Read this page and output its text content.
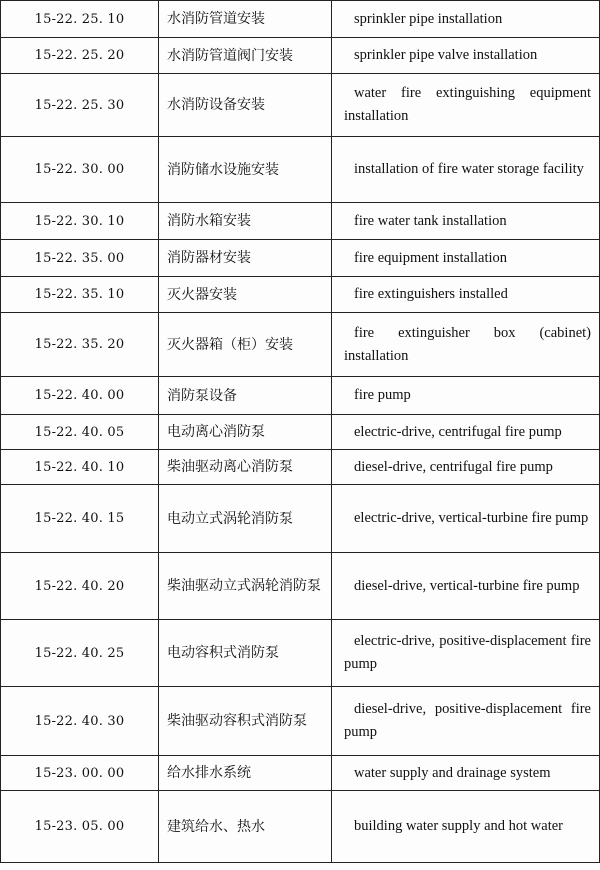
15-22. 25. 10	水消防管道安装	sprinkler pipe installation

15-22. 25. 20	水消防管道阀门安装	sprinkler pipe valve installation

15-22. 25. 30	水消防设备安装	water fire extinguishing equipment installation

15-22. 30. 00	消防储水设施安装	installation of fire water storage facility

15-22. 30. 10	消防水箱安装	fire water tank installation

15-22. 35. 00	消防器材安装	fire equipment installation

15-22. 35. 10	灭火器安装	fire extinguishers installed

15-22. 35. 20	灭火器箱（柜）安装	fire extinguisher box (cabinet) installation

15-22. 40. 00	消防泵设备	fire pump

15-22. 40. 05	电动离心消防泵	electric-drive, centrifugal fire pump

15-22. 40. 10	柴油驱动离心消防泵	diesel-drive, centrifugal fire pump

15-22. 40. 15	电动立式涡轮消防泵	electric-drive, vertical-turbine fire pump

15-22. 40. 20	柴油驱动立式涡轮消防泵	diesel-drive, vertical-turbine fire pump

15-22. 40. 25	电动容积式消防泵	electric-drive, positive-displacement fire pump

15-22. 40. 30	柴油驱动容积式消防泵	diesel-drive, positive-displacement fire pump

15-23. 00. 00	给水排水系统	water supply and drainage system

15-23. 05. 00	建筑给水、热水	building water supply and hot water
